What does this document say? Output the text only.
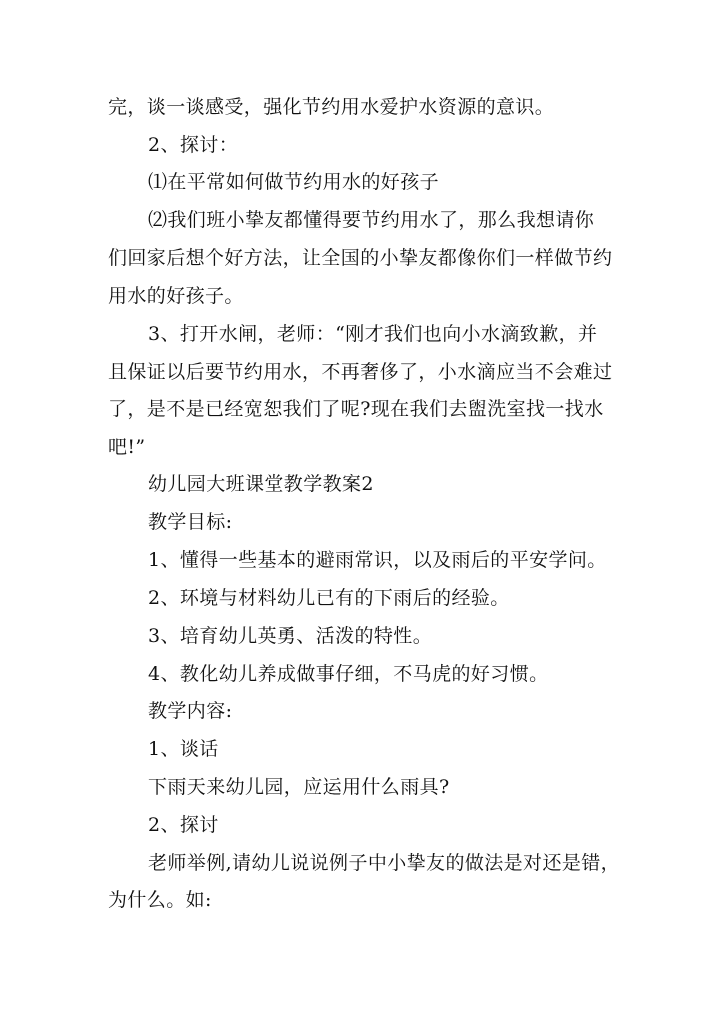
完，谈一谈感受，强化节约用水爱护水资源的意识。
2、探讨：
⑴在平常如何做节约用水的好孩子
⑵我们班小挚友都懂得要节约用水了，那么我想请你
们回家后想个好方法，让全国的小挚友都像你们一样做节约
用水的好孩子。
3、打开水闸，老师：“刚才我们也向小水滴致歉，并
且保证以后要节约用水，不再奢侈了，小水滴应当不会难过
了，是不是已经宽恕我们了呢?现在我们去盥洗室找一找水
吧!”
幼儿园大班课堂教学教案2
教学目标:
1、懂得一些基本的避雨常识，以及雨后的平安学问。
2、环境与材料幼儿已有的下雨后的经验。
3、培育幼儿英勇、活泼的特性。
4、教化幼儿养成做事仔细，不马虎的好习惯。
教学内容:
1、谈话
下雨天来幼儿园，应运用什么雨具?
2、探讨
老师举例,请幼儿说说例子中小挚友的做法是对还是错，
为什么。如:
